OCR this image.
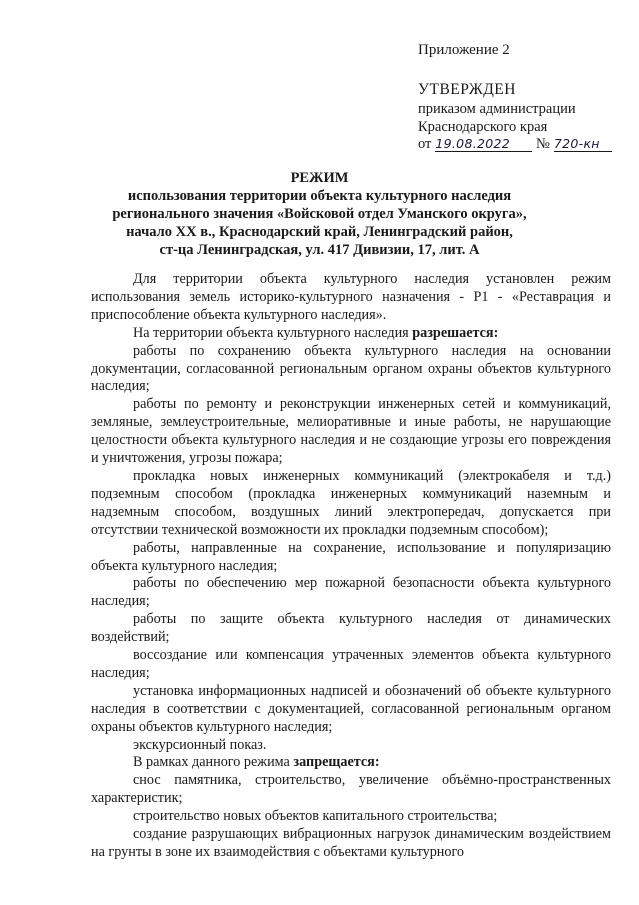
Приложение 2
УТВЕРЖДЕН
приказом администрации
Краснодарского края
от 19.08.2022 № 720-кн
РЕЖИМ
использования территории объекта культурного наследия
регионального значения «Войсковой отдел Уманского округа»,
начало XX в., Краснодарский край, Ленинградский район,
ст-ца Ленинградская, ул. 417 Дивизии, 17, лит. А

Для территории объекта культурного наследия установлен режим использования земель историко-культурного назначения - Р1 - «Реставрация и приспособление объекта культурного наследия».

На территории объекта культурного наследия разрешается:

работы по сохранению объекта культурного наследия на основании документации, согласованной региональным органом охраны объектов культурного наследия;

работы по ремонту и реконструкции инженерных сетей и коммуникаций, земляные, землеустроительные, мелиоративные и иные работы, не нарушающие целостности объекта культурного наследия и не создающие угрозы его повреждения и уничтожения, угрозы пожара;

прокладка новых инженерных коммуникаций (электрокабеля и т.д.) подземным способом (прокладка инженерных коммуникаций наземным и надземным способом, воздушных линий электропередач, допускается при отсутствии технической возможности их прокладки подземным способом);

работы, направленные на сохранение, использование и популяризацию объекта культурного наследия;

работы по обеспечению мер пожарной безопасности объекта культурного наследия;

работы по защите объекта культурного наследия от динамических воздействий;

воссоздание или компенсация утраченных элементов объекта культурного наследия;

установка информационных надписей и обозначений об объекте культурного наследия в соответствии с документацией, согласованной региональным органом охраны объектов культурного наследия;

экскурсионный показ.

В рамках данного режима запрещается:

снос памятника, строительство, увеличение объёмно-пространственных характеристик;

строительство новых объектов капитального строительства;

создание разрушающих вибрационных нагрузок динамическим воздействием на грунты в зоне их взаимодействия с объектами культурного
